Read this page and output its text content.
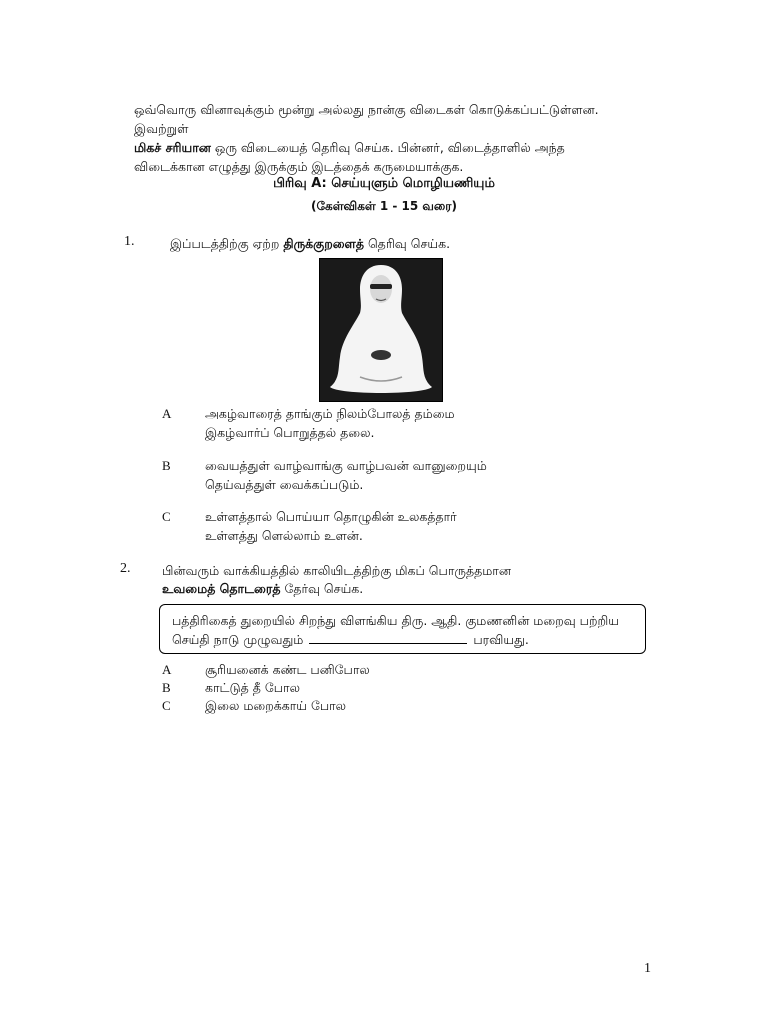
ஒவ்வொரு வினாவுக்கும் மூன்று அல்லது நான்கு விடைகள் கொடுக்கப்பட்டுள்ளன. இவற்றுள்

மிகச் சரியான ஒரு விடையைத் தெரிவு செய்க. பின்னர், விடைத்தாளில் அந்த

விடைக்கான எழுத்து இருக்கும் இடத்தைக் கருமையாக்குக.

பிரிவு A: செய்யுளும் மொழியணியும்
(கேள்விகள் 1 - 15 வரை)
1.	இப்படத்திற்கு ஏற்ற திருக்குறளைத் தெரிவு செய்க.
A	அகழ்வாரைத் தாங்கும் நிலம்போலத் தம்மை

இகழ்வார்ப் பொறுத்தல் தலை.

B	வையத்துள் வாழ்வாங்கு வாழ்பவன் வானுறையும்

தெய்வத்துள் வைக்கப்படும்.

C	உள்ளத்தால் பொய்யா தொழுகின் உலகத்தார்

உள்ளத்து ளெல்லாம் உளன்.

2.	பின்வரும் வாக்கியத்தில் காலியிடத்திற்கு மிகப் பொருத்தமான
உவமைத் தொடரைத் தேர்வு செய்க.

பத்திரிகைத் துறையில் சிறந்து விளங்கிய திரு. ஆதி. குமணனின் மறைவு பற்றிய

செய்தி நாடு முழுவதும்	பரவியது.

A	சூரியனைக் கண்ட பனிபோல
B	காட்டுத் தீ போல
C	இலை மறைக்காய் போல
1
